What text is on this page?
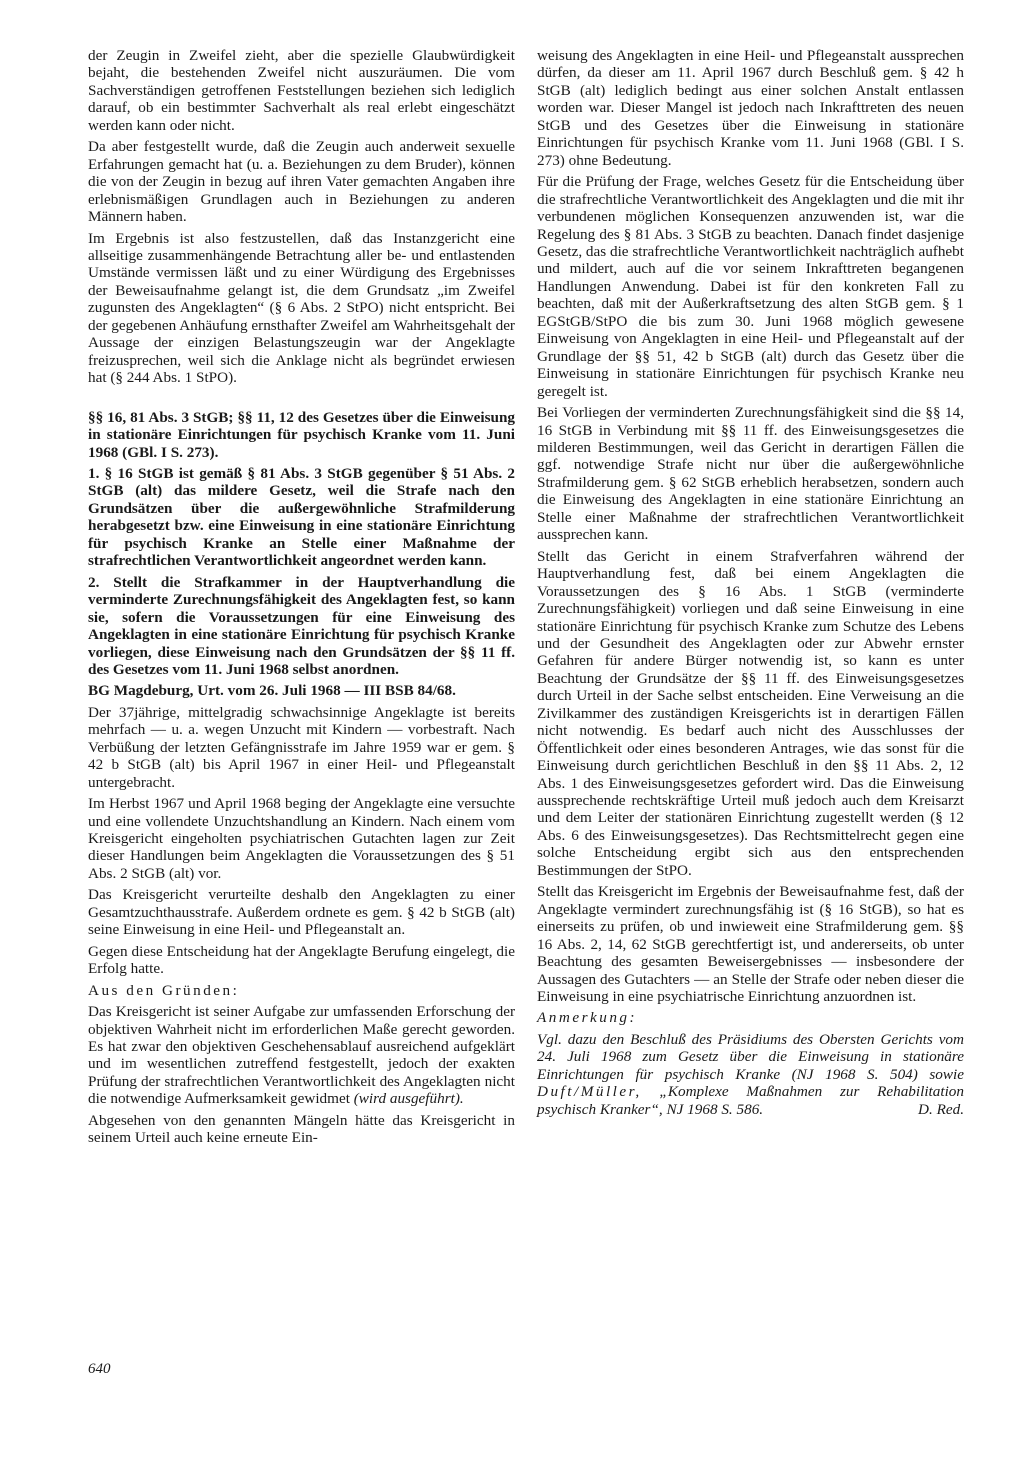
der Zeugin in Zweifel zieht, aber die spezielle Glaubwürdigkeit bejaht, die bestehenden Zweifel nicht auszuräumen. Die vom Sachverständigen getroffenen Feststellungen beziehen sich lediglich darauf, ob ein bestimmter Sachverhalt als real erlebt eingeschätzt werden kann oder nicht.

Da aber festgestellt wurde, daß die Zeugin auch anderweit sexuelle Erfahrungen gemacht hat (u. a. Beziehungen zu dem Bruder), können die von der Zeugin in bezug auf ihren Vater gemachten Angaben ihre erlebnismäßigen Grundlagen auch in Beziehungen zu anderen Männern haben.

Im Ergebnis ist also festzustellen, daß das Instanzgericht eine allseitige zusammenhängende Betrachtung aller be- und entlastenden Umstände vermissen läßt und zu einer Würdigung des Ergebnisses der Beweisaufnahme gelangt ist, die dem Grundsatz „im Zweifel zugunsten des Angeklagten“ (§ 6 Abs. 2 StPO) nicht entspricht. Bei der gegebenen Anhäufung ernsthafter Zweifel am Wahrheitsgehalt der Aussage der einzigen Belastungszeugin war der Angeklagte freizusprechen, weil sich die Anklage nicht als begründet erwiesen hat (§ 244 Abs. 1 StPO).

§§ 16, 81 Abs. 3 StGB; §§ 11, 12 des Gesetzes über die Einweisung in stationäre Einrichtungen für psychisch Kranke vom 11. Juni 1968 (GBl. I S. 273).

1. § 16 StGB ist gemäß § 81 Abs. 3 StGB gegenüber § 51 Abs. 2 StGB (alt) das mildere Gesetz, weil die Strafe nach den Grundsätzen über die außergewöhnliche Strafmilderung herabgesetzt bzw. eine Einweisung in eine stationäre Einrichtung für psychisch Kranke an Stelle einer Maßnahme der strafrechtlichen Verantwortlichkeit angeordnet werden kann.

2. Stellt die Strafkammer in der Hauptverhandlung die verminderte Zurechnungsfähigkeit des Angeklagten fest, so kann sie, sofern die Voraussetzungen für eine Einweisung des Angeklagten in eine stationäre Einrichtung für psychisch Kranke vorliegen, diese Einweisung nach den Grundsätzen der §§ 11 ff. des Gesetzes vom 11. Juni 1968 selbst anordnen.

BG Magdeburg, Urt. vom 26. Juli 1968 — III BSB 84/68.

Der 37jährige, mittelgradig schwachsinnige Angeklagte ist bereits mehrfach — u. a. wegen Unzucht mit Kindern — vorbestraft. Nach Verbüßung der letzten Gefängnisstrafe im Jahre 1959 war er gem. § 42 b StGB (alt) bis April 1967 in einer Heil- und Pflegeanstalt untergebracht.

Im Herbst 1967 und April 1968 beging der Angeklagte eine versuchte und eine vollendete Unzuchtshandlung an Kindern. Nach einem vom Kreisgericht eingeholten psychiatrischen Gutachten lagen zur Zeit dieser Handlungen beim Angeklagten die Voraussetzungen des § 51 Abs. 2 StGB (alt) vor.

Das Kreisgericht verurteilte deshalb den Angeklagten zu einer Gesamtzuchthausstrafe. Außerdem ordnete es gem. § 42 b StGB (alt) seine Einweisung in eine Heil- und Pflegeanstalt an.

Gegen diese Entscheidung hat der Angeklagte Berufung eingelegt, die Erfolg hatte.

Aus den Gründen:

Das Kreisgericht ist seiner Aufgabe zur umfassenden Erforschung der objektiven Wahrheit nicht im erforderlichen Maße gerecht geworden. Es hat zwar den objektiven Geschehensablauf ausreichend aufgeklärt und im wesentlichen zutreffend festgestellt, jedoch der exakten Prüfung der strafrechtlichen Verantwortlichkeit des Angeklagten nicht die notwendige Aufmerksamkeit gewidmet (wird ausgeführt).

Abgesehen von den genannten Mängeln hätte das Kreisgericht in seinem Urteil auch keine erneute Ein-

weisung des Angeklagten in eine Heil- und Pflegeanstalt aussprechen dürfen, da dieser am 11. April 1967 durch Beschluß gem. § 42 h StGB (alt) lediglich bedingt aus einer solchen Anstalt entlassen worden war. Dieser Mangel ist jedoch nach Inkrafttreten des neuen StGB und des Gesetzes über die Einweisung in stationäre Einrichtungen für psychisch Kranke vom 11. Juni 1968 (GBl. I S. 273) ohne Bedeutung.

Für die Prüfung der Frage, welches Gesetz für die Entscheidung über die strafrechtliche Verantwortlichkeit des Angeklagten und die mit ihr verbundenen möglichen Konsequenzen anzuwenden ist, war die Regelung des § 81 Abs. 3 StGB zu beachten. Danach findet dasjenige Gesetz, das die strafrechtliche Verantwortlichkeit nachträglich aufhebt und mildert, auch auf die vor seinem Inkrafttreten begangenen Handlungen Anwendung. Dabei ist für den konkreten Fall zu beachten, daß mit der Außerkraftsetzung des alten StGB gem. § 1 EGStGB/StPO die bis zum 30. Juni 1968 möglich gewesene Einweisung von Angeklagten in eine Heil- und Pflegeanstalt auf der Grundlage der §§ 51, 42 b StGB (alt) durch das Gesetz über die Einweisung in stationäre Einrichtungen für psychisch Kranke neu geregelt ist.

Bei Vorliegen der verminderten Zurechnungsfähigkeit sind die §§ 14, 16 StGB in Verbindung mit §§ 11 ff. des Einweisungsgesetzes die milderen Bestimmungen, weil das Gericht in derartigen Fällen die ggf. notwendige Strafe nicht nur über die außergewöhnliche Strafmilderung gem. § 62 StGB erheblich herabsetzen, sondern auch die Einweisung des Angeklagten in eine stationäre Einrichtung an Stelle einer Maßnahme der strafrechtlichen Verantwortlichkeit aussprechen kann.

Stellt das Gericht in einem Strafverfahren während der Hauptverhandlung fest, daß bei einem Angeklagten die Voraussetzungen des § 16 Abs. 1 StGB (verminderte Zurechnungsfähigkeit) vorliegen und daß seine Einweisung in eine stationäre Einrichtung für psychisch Kranke zum Schutze des Lebens und der Gesundheit des Angeklagten oder zur Abwehr ernster Gefahren für andere Bürger notwendig ist, so kann es unter Beachtung der Grundsätze der §§ 11 ff. des Einweisungsgesetzes durch Urteil in der Sache selbst entscheiden. Eine Verweisung an die Zivilkammer des zuständigen Kreisgerichts ist in derartigen Fällen nicht notwendig. Es bedarf auch nicht des Ausschlusses der Öffentlichkeit oder eines besonderen Antrages, wie das sonst für die Einweisung durch gerichtlichen Beschluß in den §§ 11 Abs. 2, 12 Abs. 1 des Einweisungsgesetzes gefordert wird. Das die Einweisung aussprechende rechtskräftige Urteil muß jedoch auch dem Kreisarzt und dem Leiter der stationären Einrichtung zugestellt werden (§ 12 Abs. 6 des Einweisungsgesetzes). Das Rechtsmittelrecht gegen eine solche Entscheidung ergibt sich aus den entsprechenden Bestimmungen der StPO.

Stellt das Kreisgericht im Ergebnis der Beweisaufnahme fest, daß der Angeklagte vermindert zurechnungsfähig ist (§ 16 StGB), so hat es einerseits zu prüfen, ob und inwieweit eine Strafmilderung gem. §§ 16 Abs. 2, 14, 62 StGB gerechtfertigt ist, und andererseits, ob unter Beachtung des gesamten Beweisergebnisses — insbesondere der Aussagen des Gutachters — an Stelle der Strafe oder neben dieser die Einweisung in eine psychiatrische Einrichtung anzuordnen ist.

Anmerkung:

Vgl. dazu den Beschluß des Präsidiums des Obersten Gerichts vom 24. Juli 1968 zum Gesetz über die Einweisung in stationäre Einrichtungen für psychisch Kranke (NJ 1968 S. 504) sowie Duft/Müller, „Komplexe Maßnahmen zur Rehabilitation psychisch Kranker“, NJ 1968 S. 586.	D. Red.

640
